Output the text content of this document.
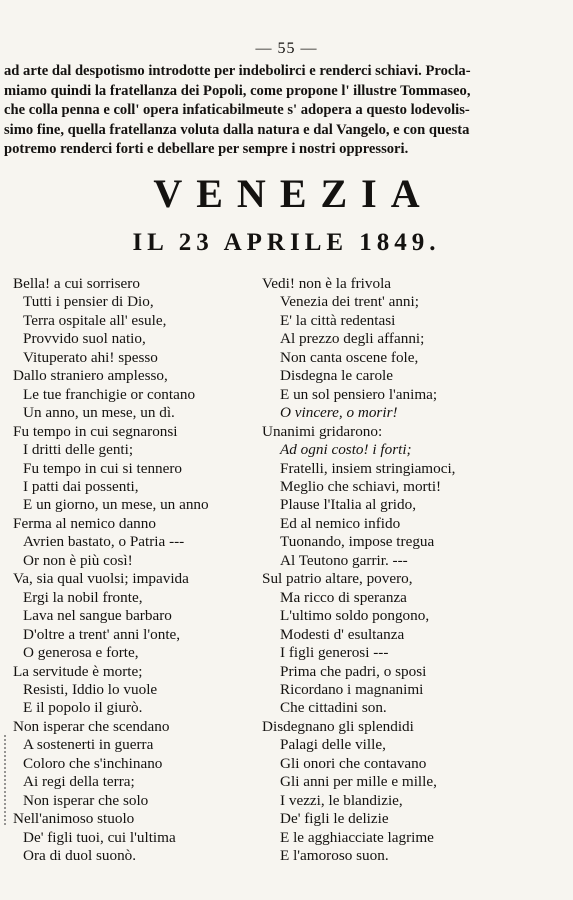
— 55 —
ad arte dal despotismo introdotte per indebolirci e renderci schiavi. Procla-
miamo quindi la fratellanza dei Popoli, come propone l' illustre Tommaseo,
che colla penna e coll' opera infaticabilmeute s' adopera a questo lodevolis-
simo fine, quella fratellanza voluta dalla natura e dal Vangelo, e con questa
potremo renderci forti e debellare per sempre i nostri oppressori.
VENEZIA
IL 23 APRILE 1849.
Bella! a cui sorrisero
Tutti i pensier di Dio,
Terra ospitale all' esule,
Provvido suol natio,
Vituperato ahi! spesso
Dallo straniero amplesso,
Le tue franchigie or contano
Un anno, un mese, un dì.
Fu tempo in cui segnaronsi
I dritti delle genti;
Fu tempo in cui si tennero
I patti dai possenti,
E un giorno, un mese, un anno
Ferma al nemico danno
Avrien bastato, o Patria ---
Or non è più così!
Va, sia qual vuolsi; impavida
Ergi la nobil fronte,
Lava nel sangue barbaro
D'oltre a trent' anni l'onte,
O generosa e forte,
La servitude è morte;
Resisti, Iddio lo vuole
E il popolo il giurò.
Non isperar che scendano
A sostenerti in guerra
Coloro che s'inchinano
Ai regi della terra;
Non isperar che solo
Nell'animoso stuolo
De' figli tuoi, cui l'ultima
Ora di duol suonò.
Vedi! non è la frivola
Venezia dei trent' anni;
E' la città redentasi
Al prezzo degli affanni;
Non canta oscene fole,
Disdegna le carole
E un sol pensiero l'anima;
O vincere, o morir!
Unanimi gridarono:
Ad ogni costo! i forti;
Fratelli, insiem stringiamoci,
Meglio che schiavi, morti!
Plause l'Italia al grido,
Ed al nemico infido
Tuonando, impose tregua
Al Teutono garrir. ---
Sul patrio altare, povero,
Ma ricco di speranza
L'ultimo soldo pongono,
Modesti d' esultanza
I figli generosi ---
Prima che padri, o sposi
Ricordano i magnanimi
Che cittadini son.
Disdegnano gli splendidi
Palagi delle ville,
Gli onori che contavano
Gli anni per mille e mille,
I vezzi, le blandizie,
De' figli le delizie
E le agghiacciate lagrime
E l'amoroso suon.
